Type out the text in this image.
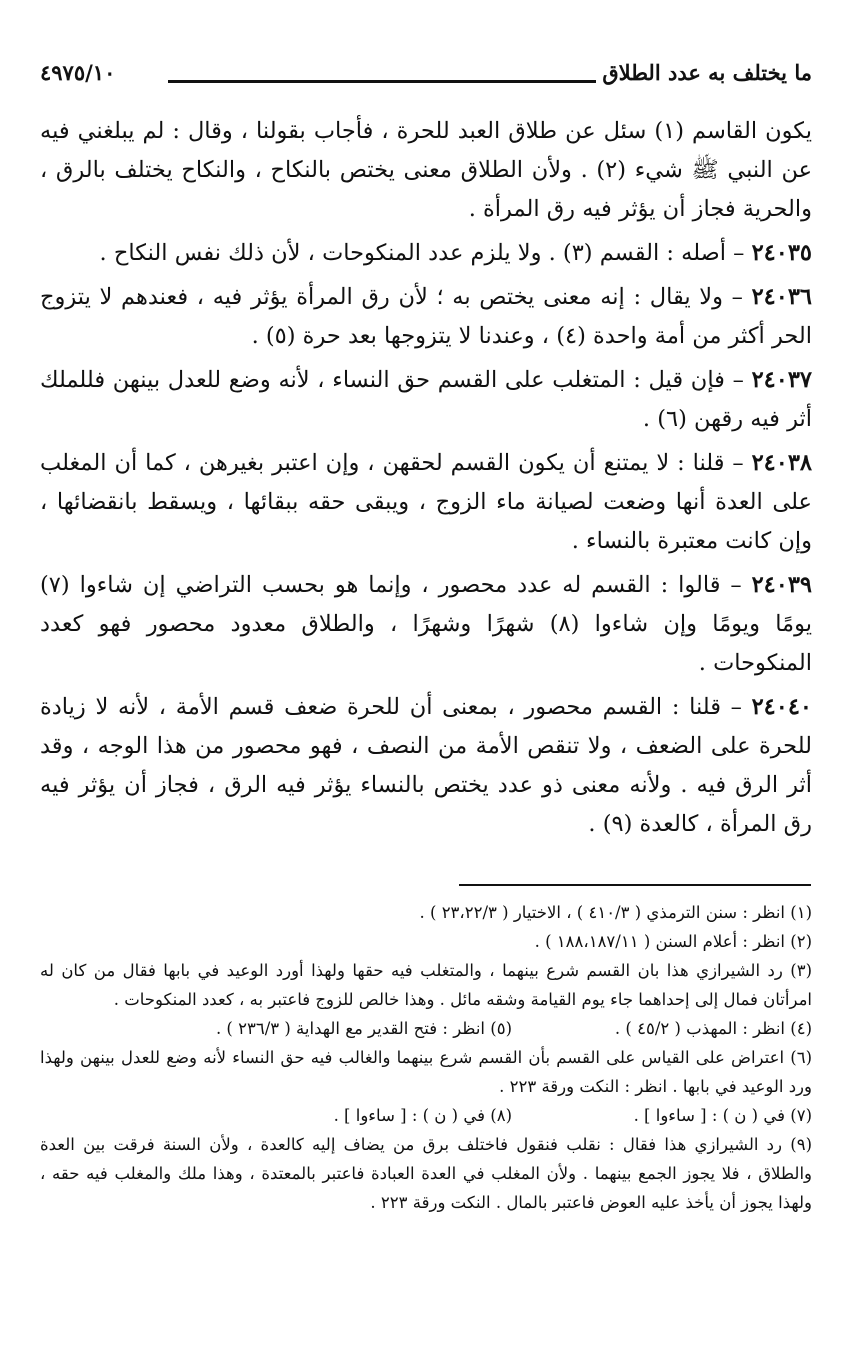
ما يختلف به عدد الطلاق
٤٩٧٥/١٠

يكون القاسم (١) سئل عن طلاق العبد للحرة ، فأجاب بقولنا ، وقال : لم يبلغني فيه عن النبي ﷺ شيء (٢) . ولأن الطلاق معنى يختص بالنكاح ، والنكاح يختلف بالرق ، والحرية فجاز أن يؤثر فيه رق المرأة .

٢٤٠٣٥ – أصله : القسم (٣) . ولا يلزم عدد المنكوحات ، لأن ذلك نفس النكاح .

٢٤٠٣٦ – ولا يقال : إنه معنى يختص به ؛ لأن رق المرأة يؤثر فيه ، فعندهم لا يتزوج الحر أكثر من أمة واحدة (٤) ، وعندنا لا يتزوجها بعد حرة (٥) .

٢٤٠٣٧ – فإن قيل : المتغلب على القسم حق النساء ، لأنه وضع للعدل بينهن فللملك أثر فيه رقهن (٦) .

٢٤٠٣٨ – قلنا : لا يمتنع أن يكون القسم لحقهن ، وإن اعتبر بغيرهن ، كما أن المغلب على العدة أنها وضعت لصيانة ماء الزوج ، ويبقى حقه ببقائها ، ويسقط بانقضائها ، وإن كانت معتبرة بالنساء .

٢٤٠٣٩ – قالوا : القسم له عدد محصور ، وإنما هو بحسب التراضي إن شاءوا (٧) يومًا ويومًا وإن شاءوا (٨) شهرًا وشهرًا ، والطلاق معدود محصور فهو كعدد المنكوحات .

٢٤٠٤٠ – قلنا : القسم محصور ، بمعنى أن للحرة ضعف قسم الأمة ، لأنه لا زيادة للحرة على الضعف ، ولا تنقص الأمة من النصف ، فهو محصور من هذا الوجه ، وقد أثر الرق فيه . ولأنه معنى ذو عدد يختص بالنساء يؤثر فيه الرق ، فجاز أن يؤثر فيه رق المرأة ، كالعدة (٩) .

(١) انظر : سنن الترمذي ( ٤١٠/٣ ) ، الاختيار ( ٢٣،٢٢/٣ ) .

(٢) انظر : أعلام السنن ( ١٨٨،١٨٧/١١ ) .

(٣) رد الشيرازي هذا بان القسم شرع بينهما ، والمتغلب فيه حقها ولهذا أورد الوعيد في بابها فقال من كان له امرأتان فمال إلى إحداهما جاء يوم القيامة وشقه مائل . وهذا خالص للزوج فاعتبر به ، كعدد المنكوحات .

(٤) انظر : المهذب ( ٤٥/٢ ) .
(٥) انظر : فتح القدير مع الهداية ( ٢٣٦/٣ ) .

(٦) اعتراض على القياس على القسم بأن القسم شرع بينهما والغالب فيه حق النساء لأنه وضع للعدل بينهن ولهذا ورد الوعيد في بابها . انظر : النكت ورقة ٢٢٣ .

(٧) في ( ن ) : [ ساءوا ] .
(٨) في ( ن ) : [ ساءوا ] .

(٩) رد الشيرازي هذا فقال : نقلب فنقول فاختلف برق من يضاف إليه كالعدة ، ولأن السنة فرقت بين العدة والطلاق ، فلا يجوز الجمع بينهما . ولأن المغلب في العدة العبادة فاعتبر بالمعتدة ، وهذا ملك والمغلب فيه حقه ، ولهذا يجوز أن يأخذ عليه العوض فاعتبر بالمال . النكت ورقة ٢٢٣ .
